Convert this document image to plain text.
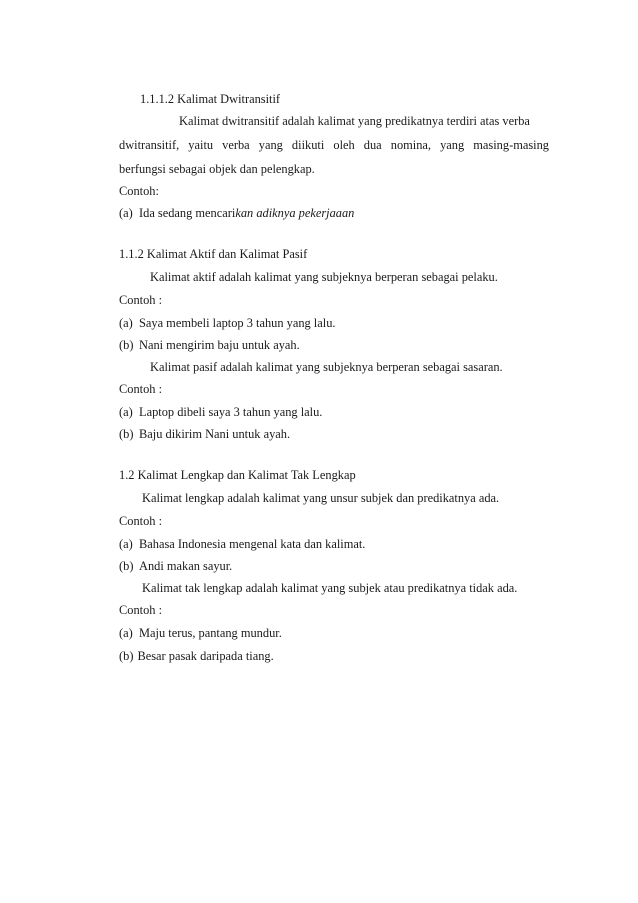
1.1.1.2 Kalimat Dwitransitif
Kalimat dwitransitif adalah kalimat yang predikatnya terdiri atas verba
dwitransitif, yaitu verba yang diikuti oleh dua nomina, yang masing-masing
berfungsi sebagai objek dan pelengkap.
Contoh:
(a) Ida sedang mencarikan adiknya pekerjaaan
1.1.2 Kalimat Aktif dan Kalimat Pasif
Kalimat aktif adalah kalimat yang subjeknya berperan sebagai pelaku.
Contoh :
(a) Saya membeli laptop 3 tahun yang lalu.
(b) Nani mengirim baju untuk ayah.
Kalimat pasif adalah kalimat yang subjeknya berperan sebagai sasaran.
Contoh :
(a) Laptop dibeli saya 3 tahun yang lalu.
(b) Baju dikirim Nani untuk ayah.
1.2 Kalimat Lengkap dan Kalimat Tak Lengkap
Kalimat lengkap adalah kalimat yang unsur subjek dan predikatnya ada.
Contoh :
(a) Bahasa Indonesia mengenal kata dan kalimat.
(b) Andi makan sayur.
Kalimat tak lengkap adalah kalimat yang subjek atau predikatnya tidak ada.
Contoh :
(a) Maju terus, pantang mundur.
(b) Besar pasak daripada tiang.
